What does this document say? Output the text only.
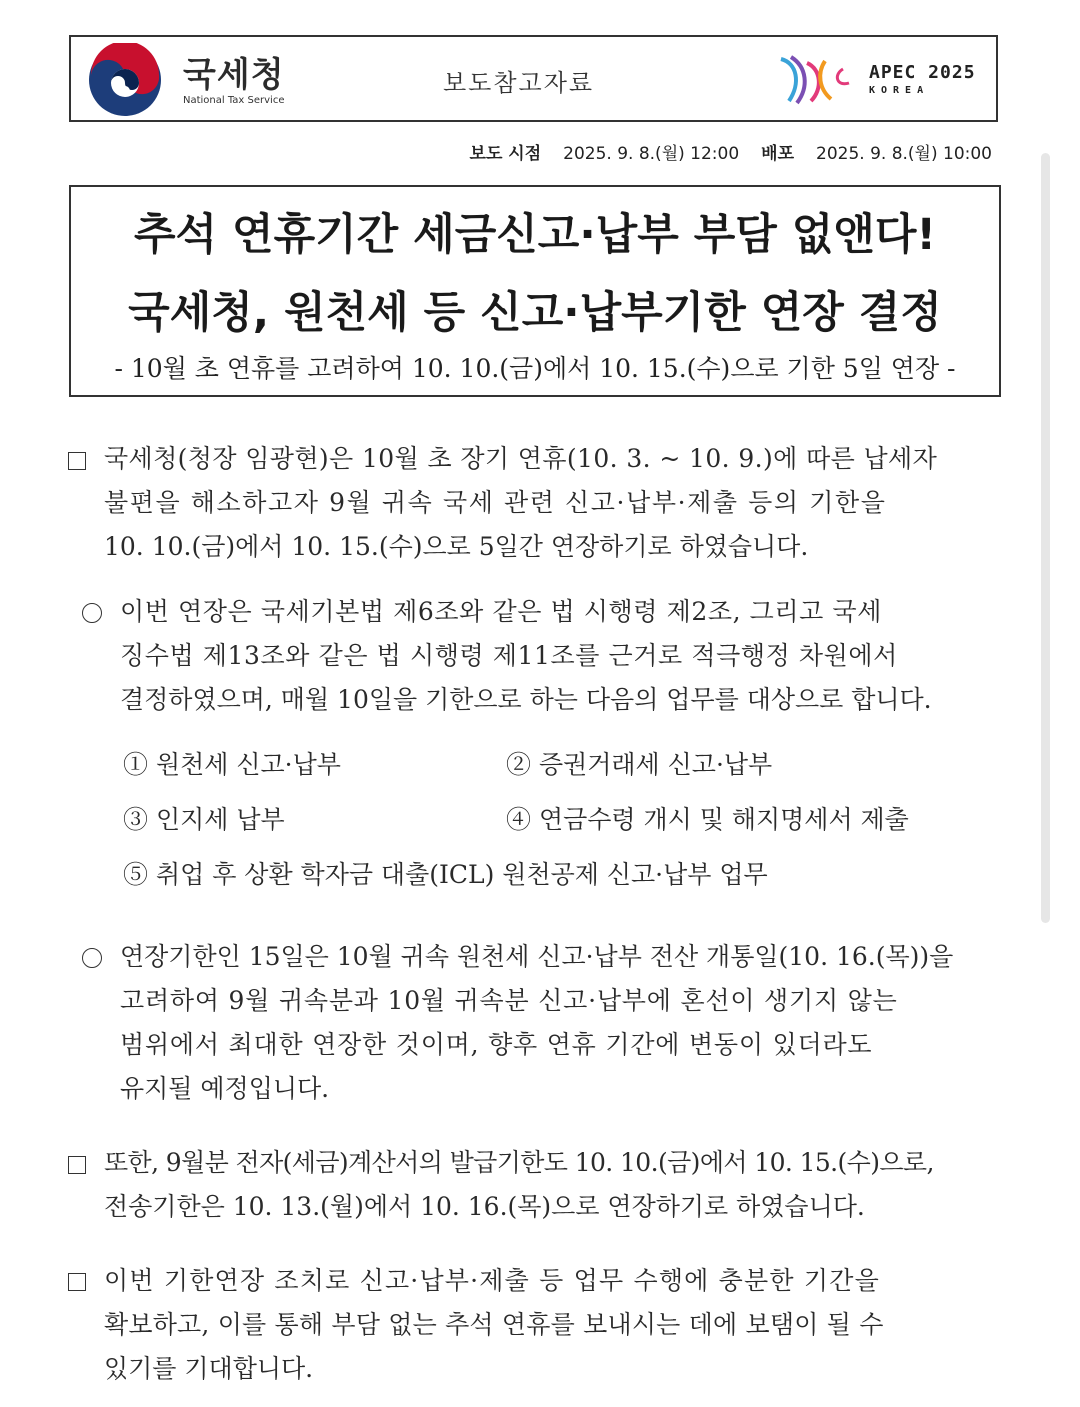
국세청
National Tax Service
보도참고자료	APEC 2025
KOREA
보도 시점 2025. 9. 8.(월) 12:00 배포 2025. 9. 8.(월) 10:00
추석 연휴기간 세금신고·납부 부담 없앤다!
국세청, 원천세 등 신고·납부기한 연장 결정
- 10월 초 연휴를 고려하여 10. 10.(금)에서 10. 15.(수)으로 기한 5일 연장 -
국세청(청장 임광현)은 10월 초 장기 연휴(10. 3. ~ 10. 9.)에 따른 납세자
불편을 해소하고자 9월 귀속 국세 관련 신고·납부·제출 등의 기한을
10. 10.(금)에서 10. 15.(수)으로 5일간 연장하기로 하였습니다.
이번 연장은 국세기본법 제6조와 같은 법 시행령 제2조, 그리고 국세
징수법 제13조와 같은 법 시행령 제11조를 근거로 적극행정 차원에서
결정하였으며, 매월 10일을 기한으로 하는 다음의 업무를 대상으로 합니다.
① 원천세 신고·납부	② 증권거래세 신고·납부
③ 인지세 납부	④ 연금수령 개시 및 해지명세서 제출
⑤ 취업 후 상환 학자금 대출(ICL) 원천공제 신고·납부 업무
연장기한인 15일은 10월 귀속 원천세 신고·납부 전산 개통일(10. 16.(목))을
고려하여 9월 귀속분과 10월 귀속분 신고·납부에 혼선이 생기지 않는
범위에서 최대한 연장한 것이며, 향후 연휴 기간에 변동이 있더라도
유지될 예정입니다.
또한, 9월분 전자(세금)계산서의 발급기한도 10. 10.(금)에서 10. 15.(수)으로,
전송기한은 10. 13.(월)에서 10. 16.(목)으로 연장하기로 하였습니다.
이번 기한연장 조치로 신고·납부·제출 등 업무 수행에 충분한 기간을
확보하고, 이를 통해 부담 없는 추석 연휴를 보내시는 데에 보탬이 될 수
있기를 기대합니다.
